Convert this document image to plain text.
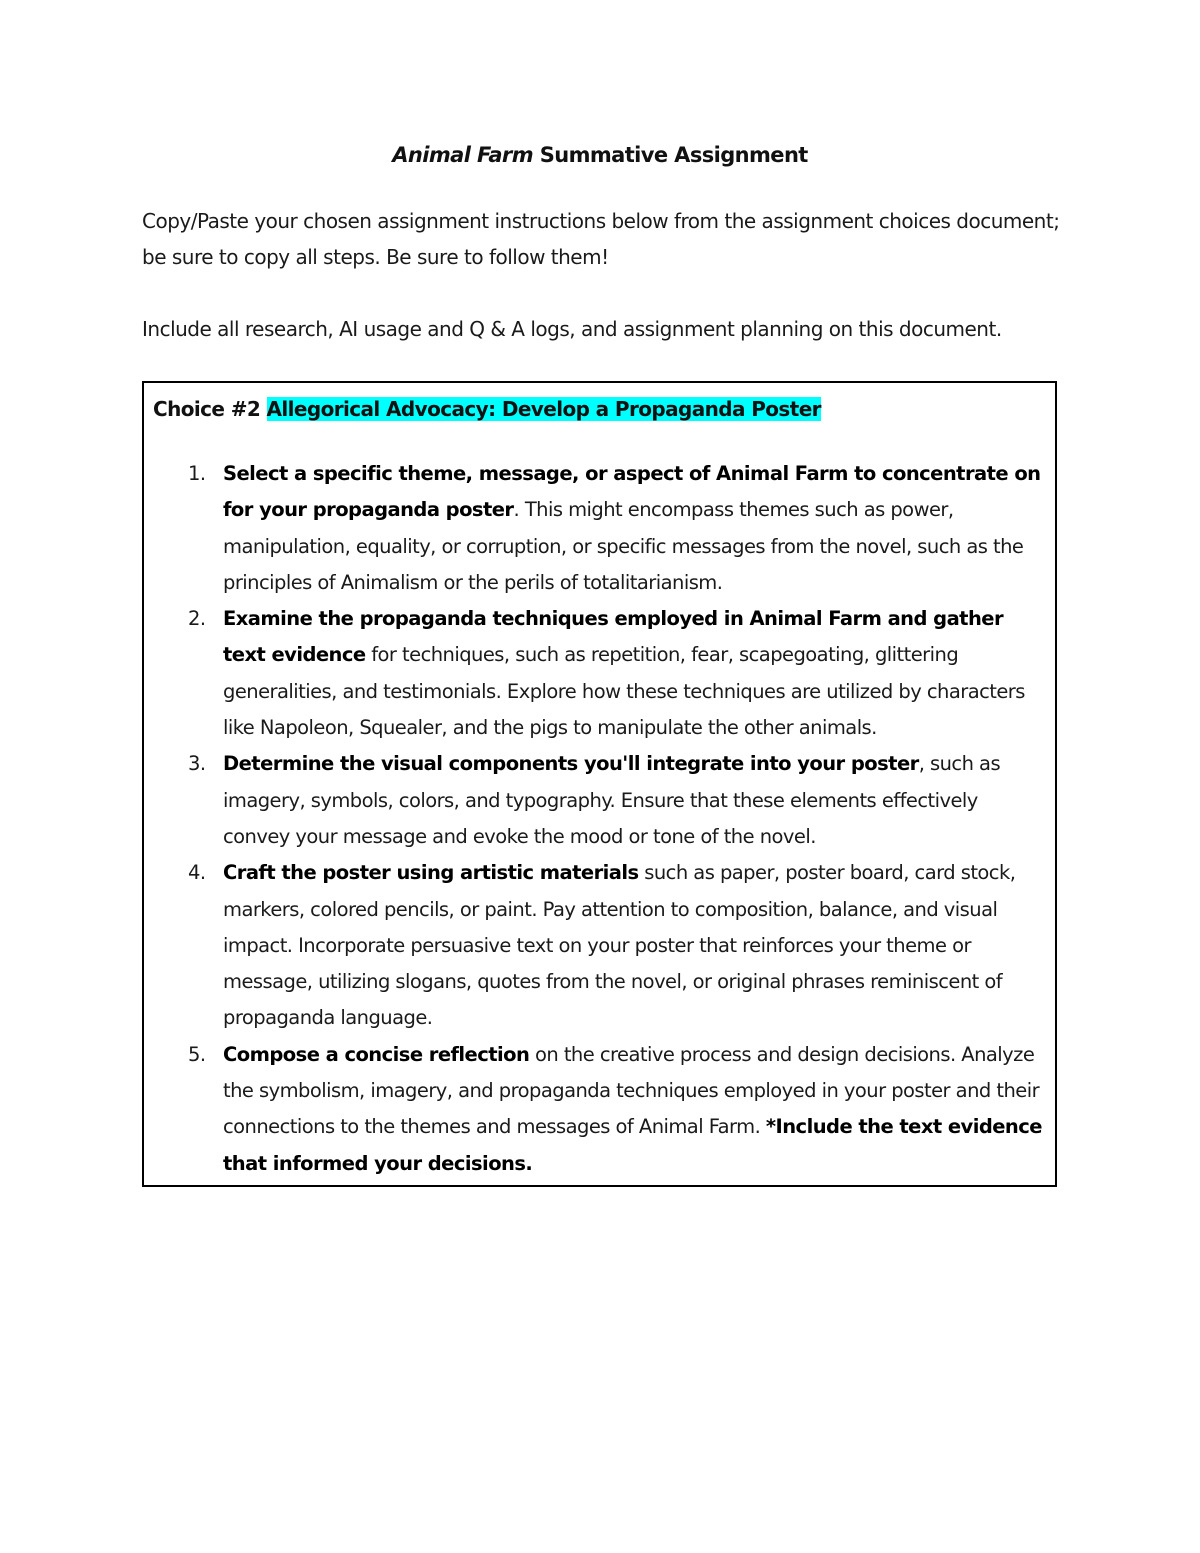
Animal Farm Summative Assignment
Copy/Paste your chosen assignment instructions below from the assignment choices document; be sure to copy all steps. Be sure to follow them!
Include all research, AI usage and Q & A logs, and assignment planning on this document.
Choice #2 Allegorical Advocacy: Develop a Propaganda Poster
1. Select a specific theme, message, or aspect of Animal Farm to concentrate on for your propaganda poster. This might encompass themes such as power, manipulation, equality, or corruption, or specific messages from the novel, such as the principles of Animalism or the perils of totalitarianism.
2. Examine the propaganda techniques employed in Animal Farm and gather text evidence for techniques, such as repetition, fear, scapegoating, glittering generalities, and testimonials. Explore how these techniques are utilized by characters like Napoleon, Squealer, and the pigs to manipulate the other animals.
3. Determine the visual components you'll integrate into your poster, such as imagery, symbols, colors, and typography. Ensure that these elements effectively convey your message and evoke the mood or tone of the novel.
4. Craft the poster using artistic materials such as paper, poster board, card stock, markers, colored pencils, or paint. Pay attention to composition, balance, and visual impact. Incorporate persuasive text on your poster that reinforces your theme or message, utilizing slogans, quotes from the novel, or original phrases reminiscent of propaganda language.
5. Compose a concise reflection on the creative process and design decisions. Analyze the symbolism, imagery, and propaganda techniques employed in your poster and their connections to the themes and messages of Animal Farm. *Include the text evidence that informed your decisions.
